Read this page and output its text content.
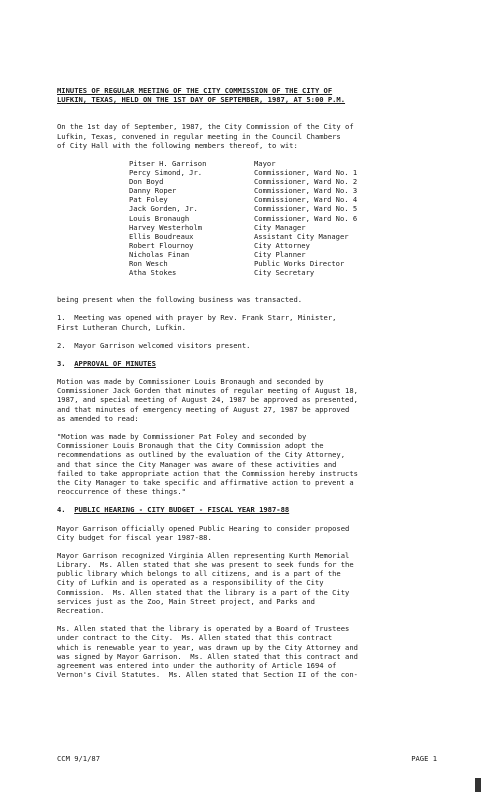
MINUTES OF REGULAR MEETING OF THE CITY COMMISSION OF THE CITY OF
LUFKIN, TEXAS, HELD ON THE 1ST DAY OF SEPTEMBER, 1987, AT 5:00 P.M.
On the 1st day of September, 1987, the City Commission of the City of
Lufkin, Texas, convened in regular meeting in the Council Chambers
of City Hall with the following members thereof, to wit:
Pitser H. Garrison
Percy Simond, Jr.
Don Boyd
Danny Roper
Pat Foley
Jack Gorden, Jr.
Louis Bronaugh
Harvey Westerholm
Ellis Boudreaux
Robert Flournoy
Nicholas Finan
Ron Wesch
Atha Stokes
Mayor
Commissioner, Ward No. 1
Commissioner, Ward No. 2
Commissioner, Ward No. 3
Commissioner, Ward No. 4
Commissioner, Ward No. 5
Commissioner, Ward No. 6
City Manager
Assistant City Manager
City Attorney
City Planner
Public Works Director
City Secretary
being present when the following business was transacted.
1.  Meeting was opened with prayer by Rev. Frank Starr, Minister,
First Lutheran Church, Lufkin.
2.  Mayor Garrison welcomed visitors present.
3. APPROVAL OF MINUTES
Motion was made by Commissioner Louis Bronaugh and seconded by
Commissioner Jack Gorden that minutes of regular meeting of August 18,
1987, and special meeting of August 24, 1987 be approved as presented,
and that minutes of emergency meeting of August 27, 1987 be approved
as amended to read:
"Motion was made by Commissioner Pat Foley and seconded by
Commissioner Louis Bronaugh that the City Commission adopt the
recommendations as outlined by the evaluation of the City Attorney,
and that since the City Manager was aware of these activities and
failed to take appropriate action that the Commission hereby instructs
the City Manager to take specific and affirmative action to prevent a
reoccurrence of these things."
4. PUBLIC HEARING - CITY BUDGET - FISCAL YEAR 1987-88
Mayor Garrison officially opened Public Hearing to consider proposed
City budget for fiscal year 1987-88.
Mayor Garrison recognized Virginia Allen representing Kurth Memorial
Library.  Ms. Allen stated that she was present to seek funds for the
public library which belongs to all citizens, and is a part of the
City of Lufkin and is operated as a responsibility of the City
Commission.  Ms. Allen stated that the library is a part of the City
services just as the Zoo, Main Street project, and Parks and
Recreation.
Ms. Allen stated that the library is operated by a Board of Trustees
under contract to the City.  Ms. Allen stated that this contract
which is renewable year to year, was drawn up by the City Attorney and
was signed by Mayor Garrison.  Ms. Allen stated that this contract and
agreement was entered into under the authority of Article 1694 of
Vernon's Civil Statutes.  Ms. Allen stated that Section II of the con-
CCM 9/1/87	PAGE 1
